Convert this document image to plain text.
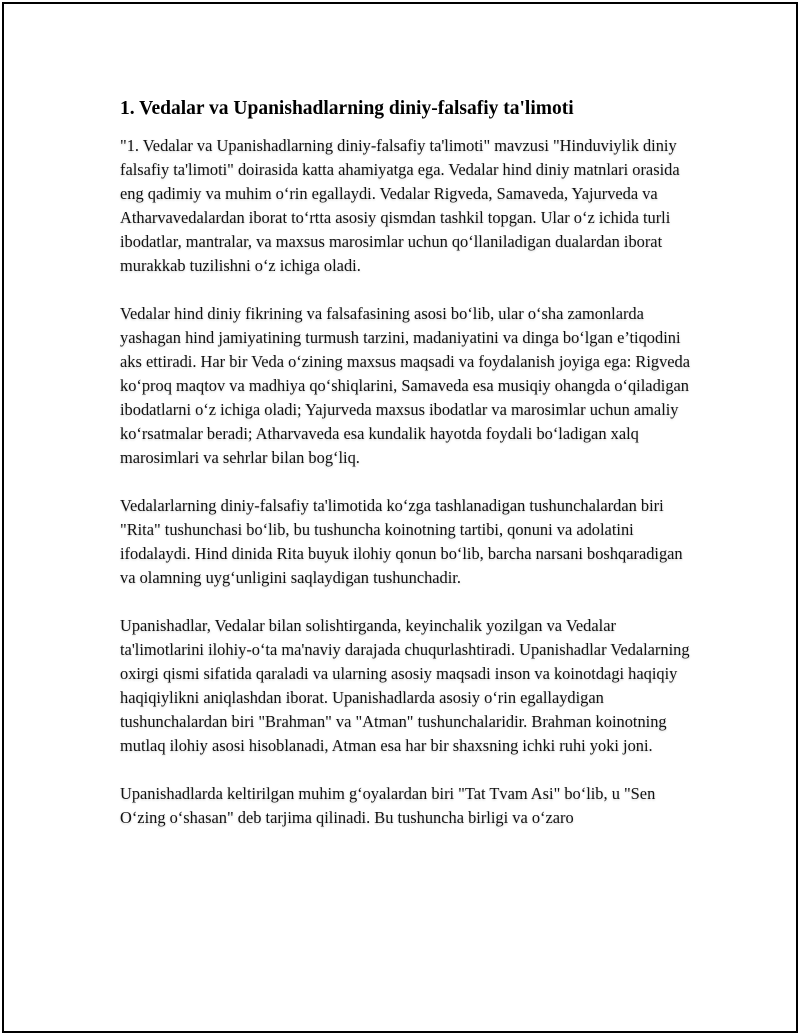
1. Vedalar va Upanishadlarning diniy-falsafiy ta'limoti

"1. Vedalar va Upanishadlarning diniy-falsafiy ta'limoti" mavzusi "Hinduviylik diniy falsafiy ta'limoti" doirasida katta ahamiyatga ega. Vedalar hind diniy matnlari orasida eng qadimiy va muhim o‘rin egallaydi. Vedalar Rigveda, Samaveda, Yajurveda va Atharvavedalardan iborat to‘rtta asosiy qismdan tashkil topgan. Ular o‘z ichida turli ibodatlar, mantralar, va maxsus marosimlar uchun qo‘llaniladigan dualardan iborat murakkab tuzilishni o‘z ichiga oladi.

Vedalar hind diniy fikrining va falsafasining asosi bo‘lib, ular o‘sha zamonlarda yashagan hind jamiyatining turmush tarzini, madaniyatini va dinga bo‘lgan e’tiqodini aks ettiradi. Har bir Veda o‘zining maxsus maqsadi va foydalanish joyiga ega: Rigveda ko‘proq maqtov va madhiya qo‘shiqlarini, Samaveda esa musiqiy ohangda o‘qiladigan ibodatlarni o‘z ichiga oladi; Yajurveda maxsus ibodatlar va marosimlar uchun amaliy ko‘rsatmalar beradi; Atharvaveda esa kundalik hayotda foydali bo‘ladigan xalq marosimlari va sehrlar bilan bog‘liq.

Vedalarlarning diniy-falsafiy ta'limotida ko‘zga tashlanadigan tushunchalardan biri "Rita" tushunchasi bo‘lib, bu tushuncha koinotning tartibi, qonuni va adolatini ifodalaydi. Hind dinida Rita buyuk ilohiy qonun bo‘lib, barcha narsani boshqaradigan va olamning uyg‘unligini saqlaydigan tushunchadir.

Upanishadlar, Vedalar bilan solishtirganda, keyinchalik yozilgan va Vedalar ta'limotlarini ilohiy-o‘ta ma'naviy darajada chuqurlashtiradi. Upanishadlar Vedalarning oxirgi qismi sifatida qaraladi va ularning asosiy maqsadi inson va koinotdagi haqiqiy haqiqiylikni aniqlashdan iborat. Upanishadlarda asosiy o‘rin egallaydigan tushunchalardan biri "Brahman" va "Atman" tushunchalaridir. Brahman koinotning mutlaq ilohiy asosi hisoblanadi, Atman esa har bir shaxsning ichki ruhi yoki joni.

Upanishadlarda keltirilgan muhim g‘oyalardan biri "Tat Tvam Asi" bo‘lib, u "Sen O‘zing o‘shasan" deb tarjima qilinadi. Bu tushuncha birligi va o‘zaro
